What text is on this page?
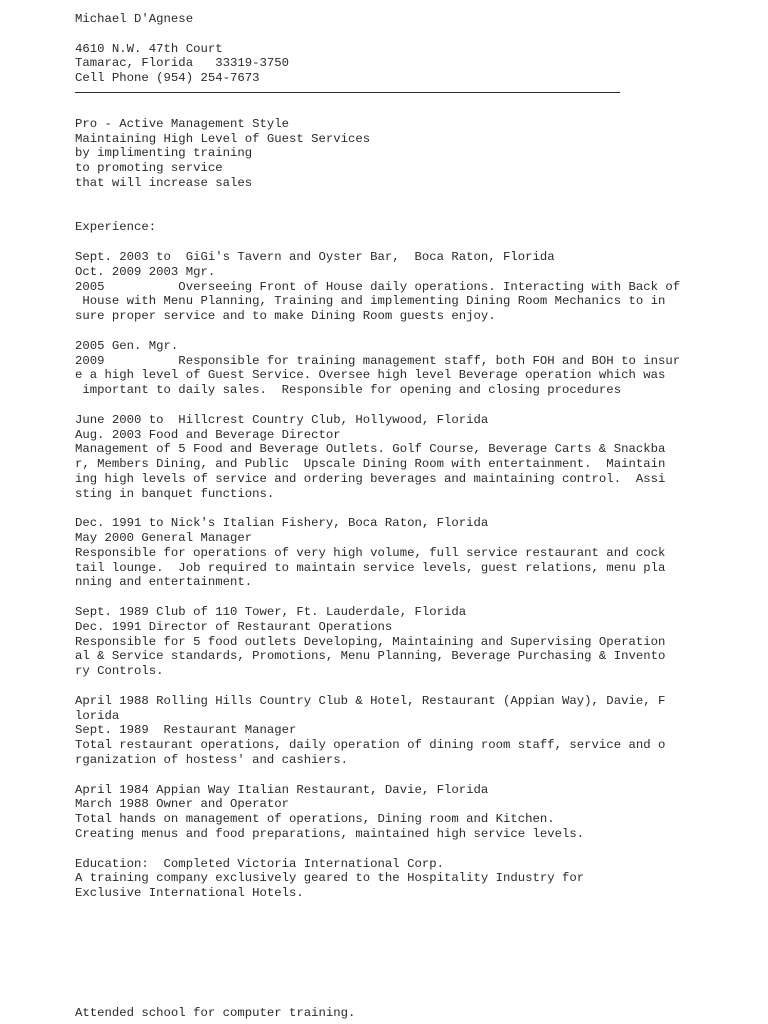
Michael D'Agnese
4610 N.W. 47th Court
Tamarac, Florida   33319-3750
Cell Phone (954) 254-7673
Pro - Active Management Style
Maintaining High Level of Guest Services
by implimenting training
to promoting service
that will increase sales
Experience:
Sept. 2003 to  GiGi's Tavern and Oyster Bar,  Boca Raton, Florida
Oct. 2009 2003 Mgr.
2005          Overseeing Front of House daily operations. Interacting with Back of
House with Menu Planning, Training and implementing Dining Room Mechanics to in
sure proper service and to make Dining Room guests enjoy.
2005 Gen. Mgr.
2009          Responsible for training management staff, both FOH and BOH to insur
e a high level of Guest Service. Oversee high level Beverage operation which was
important to daily sales.  Responsible for opening and closing procedures
June 2000 to  Hillcrest Country Club, Hollywood, Florida
Aug. 2003 Food and Beverage Director
Management of 5 Food and Beverage Outlets. Golf Course, Beverage Carts & Snackba
r, Members Dining, and Public  Upscale Dining Room with entertainment.  Maintain
ing high levels of service and ordering beverages and maintaining control.  Assi
sting in banquet functions.
Dec. 1991 to Nick's Italian Fishery, Boca Raton, Florida
May 2000 General Manager
Responsible for operations of very high volume, full service restaurant and cock
tail lounge.  Job required to maintain service levels, guest relations, menu pla
nning and entertainment.
Sept. 1989 Club of 110 Tower, Ft. Lauderdale, Florida
Dec. 1991 Director of Restaurant Operations
Responsible for 5 food outlets Developing, Maintaining and Supervising Operation
al & Service standards, Promotions, Menu Planning, Beverage Purchasing & Invento
ry Controls.
April 1988 Rolling Hills Country Club & Hotel, Restaurant (Appian Way), Davie, F
lorida
Sept. 1989  Restaurant Manager
Total restaurant operations, daily operation of dining room staff, service and o
rganization of hostess' and cashiers.
April 1984 Appian Way Italian Restaurant, Davie, Florida
March 1988 Owner and Operator
Total hands on management of operations, Dining room and Kitchen.
Creating menus and food preparations, maintained high service levels.
Education:  Completed Victoria International Corp.
A training company exclusively geared to the Hospitality Industry for
Exclusive International Hotels.
Attended school for computer training.
